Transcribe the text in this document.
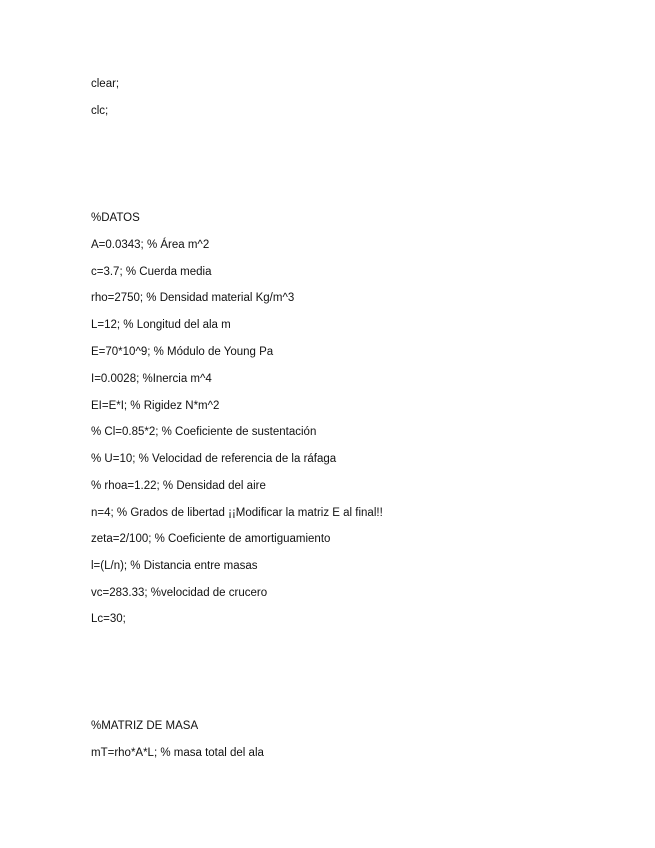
clear;
clc;
%DATOS
A=0.0343; % Área m^2
c=3.7; % Cuerda media
rho=2750; % Densidad material Kg/m^3
L=12; % Longitud del ala m
E=70*10^9; % Módulo de Young Pa
I=0.0028; %Inercia m^4
EI=E*I; % Rigidez N*m^2
% Cl=0.85*2; % Coeficiente de sustentación
% U=10; % Velocidad de referencia de la ráfaga
% rhoa=1.22; % Densidad del aire
n=4; % Grados de libertad ¡¡Modificar la matriz E al final!!
zeta=2/100; % Coeficiente de amortiguamiento
l=(L/n); % Distancia entre masas
vc=283.33; %velocidad de crucero
Lc=30;
%MATRIZ DE MASA
mT=rho*A*L; % masa total del ala
